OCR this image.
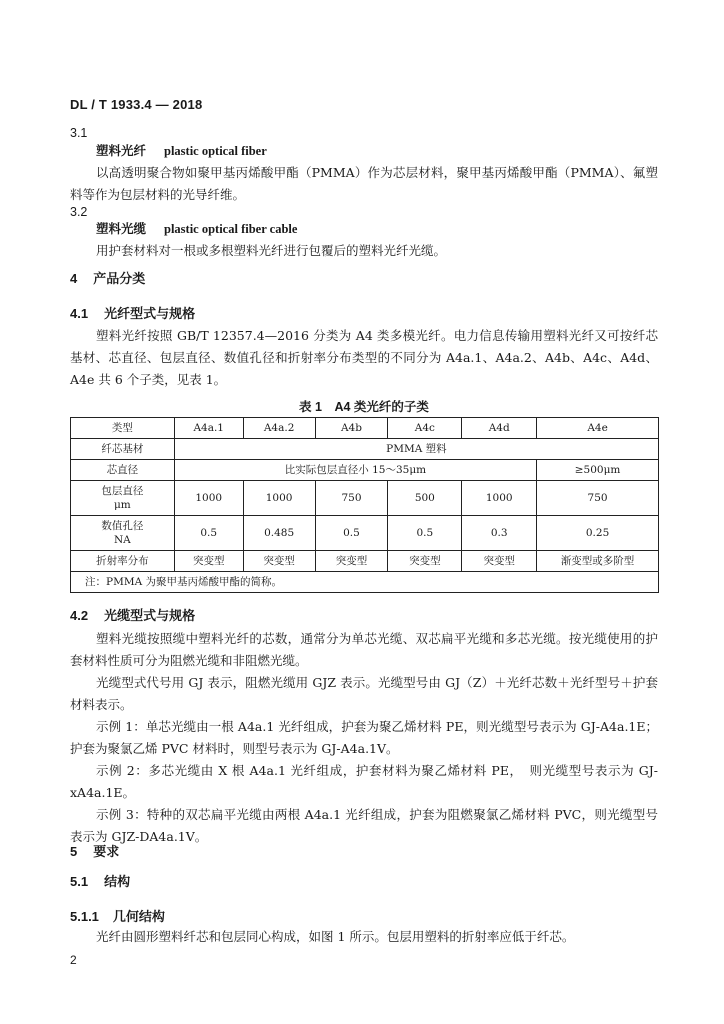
DL / T 1933.4 — 2018
3.1
塑料光纤 plastic optical fiber
以高透明聚合物如聚甲基丙烯酸甲酯（PMMA）作为芯层材料，聚甲基丙烯酸甲酯（PMMA）、氟塑料等作为包层材料的光导纤维。
3.2
塑料光缆 plastic optical fiber cable
用护套材料对一根或多根塑料光纤进行包覆后的塑料光纤光缆。
4 产品分类
4.1 光纤型式与规格
塑料光纤按照 GB/T 12357.4—2016 分类为 A4 类多模光纤。电力信息传输用塑料光纤又可按纤芯基材、芯直径、包层直径、数值孔径和折射率分布类型的不同分为 A4a.1、A4a.2、A4b、A4c、A4d、A4e 共 6 个子类，见表 1。
表 1　A4 类光纤的子类
类型	A4a.1	A4a.2	A4b	A4c	A4d	A4e
纤芯基材	PMMA 塑料					
芯直径	比实际包层直径小 15～35μm					≥500μm
包层直径
μm	1000	1000	750	500	1000	750
数值孔径
NA	0.5	0.485	0.5	0.5	0.3	0.25
折射率分布	突变型	突变型	突变型	突变型	突变型	渐变型或多阶型
注：PMMA 为聚甲基丙烯酸甲酯的简称。						
4.2 光缆型式与规格
塑料光缆按照缆中塑料光纤的芯数，通常分为单芯光缆、双芯扁平光缆和多芯光缆。按光缆使用的护套材料性质可分为阻燃光缆和非阻燃光缆。
光缆型式代号用 GJ 表示，阻燃光缆用 GJZ 表示。光缆型号由 GJ（Z）＋光纤芯数＋光纤型号＋护套材料表示。
示例 1：单芯光缆由一根 A4a.1 光纤组成，护套为聚乙烯材料 PE，则光缆型号表示为 GJ-A4a.1E；护套为聚氯乙烯 PVC 材料时，则型号表示为 GJ-A4a.1V。
示例 2：多芯光缆由 X 根 A4a.1 光纤组成，护套材料为聚乙烯材料 PE，　则光缆型号表示为 GJ-xA4a.1E。
示例 3：特种的双芯扁平光缆由两根 A4a.1 光纤组成，护套为阻燃聚氯乙烯材料 PVC，则光缆型号表示为 GJZ-DA4a.1V。
5 要求
5.1 结构
5.1.1 几何结构
光纤由圆形塑料纤芯和包层同心构成，如图 1 所示。包层用塑料的折射率应低于纤芯。
2
